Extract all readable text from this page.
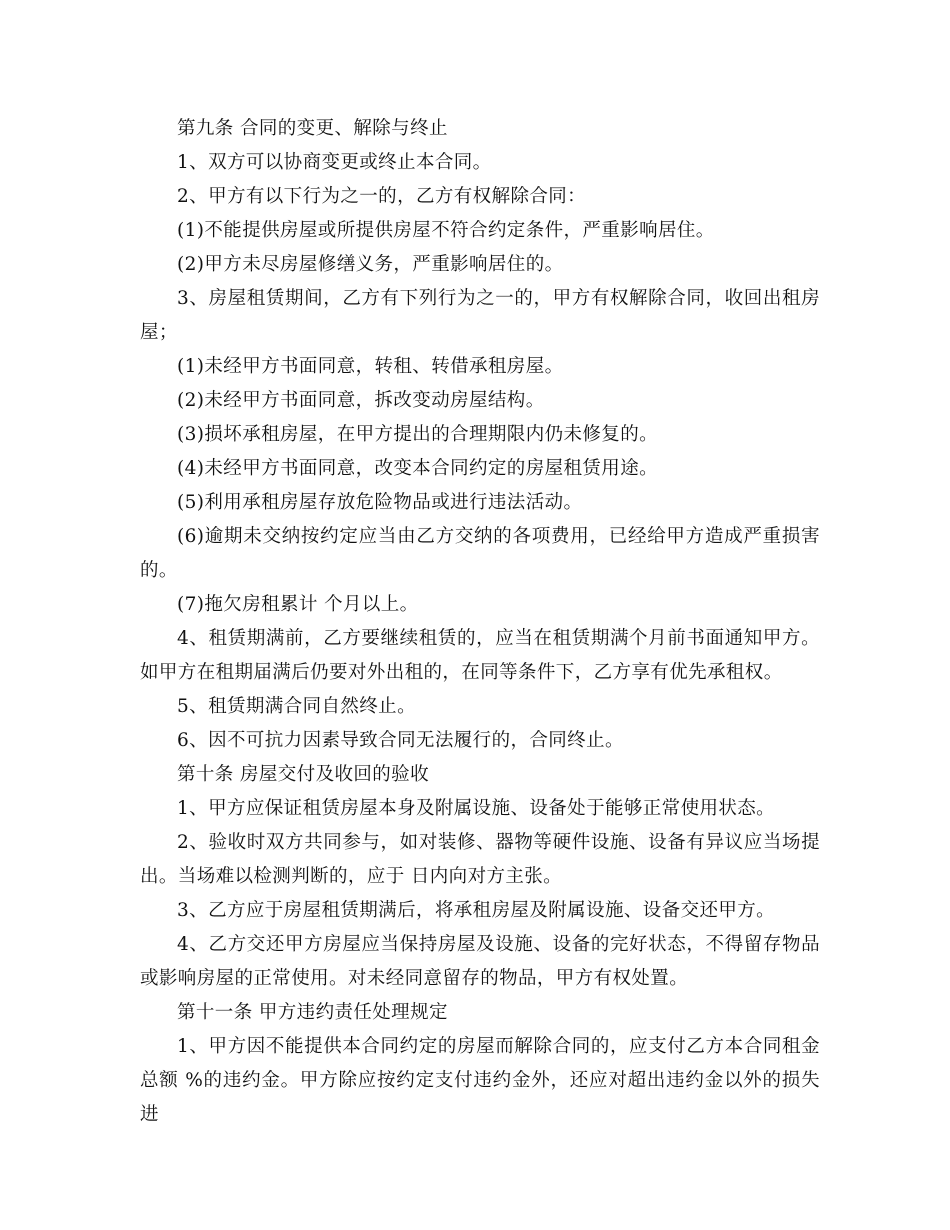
第九条 合同的变更、解除与终止

1、双方可以协商变更或终止本合同。

2、甲方有以下行为之一的，乙方有权解除合同：

(1)不能提供房屋或所提供房屋不符合约定条件，严重影响居住。

(2)甲方未尽房屋修缮义务，严重影响居住的。

3、房屋租赁期间，乙方有下列行为之一的，甲方有权解除合同，收回出租房屋；

(1)未经甲方书面同意，转租、转借承租房屋。

(2)未经甲方书面同意，拆改变动房屋结构。

(3)损坏承租房屋，在甲方提出的合理期限内仍未修复的。

(4)未经甲方书面同意，改变本合同约定的房屋租赁用途。

(5)利用承租房屋存放危险物品或进行违法活动。

(6)逾期未交纳按约定应当由乙方交纳的各项费用，已经给甲方造成严重损害的。

(7)拖欠房租累计 个月以上。

4、租赁期满前，乙方要继续租赁的，应当在租赁期满个月前书面通知甲方。如甲方在租期届满后仍要对外出租的，在同等条件下，乙方享有优先承租权。

5、租赁期满合同自然终止。

6、因不可抗力因素导致合同无法履行的，合同终止。

第十条 房屋交付及收回的验收

1、甲方应保证租赁房屋本身及附属设施、设备处于能够正常使用状态。

2、验收时双方共同参与，如对装修、器物等硬件设施、设备有异议应当场提出。当场难以检测判断的，应于 日内向对方主张。

3、乙方应于房屋租赁期满后，将承租房屋及附属设施、设备交还甲方。

4、乙方交还甲方房屋应当保持房屋及设施、设备的完好状态，不得留存物品或影响房屋的正常使用。对未经同意留存的物品，甲方有权处置。

第十一条 甲方违约责任处理规定

1、甲方因不能提供本合同约定的房屋而解除合同的，应支付乙方本合同租金总额 %的违约金。甲方除应按约定支付违约金外，还应对超出违约金以外的损失进
